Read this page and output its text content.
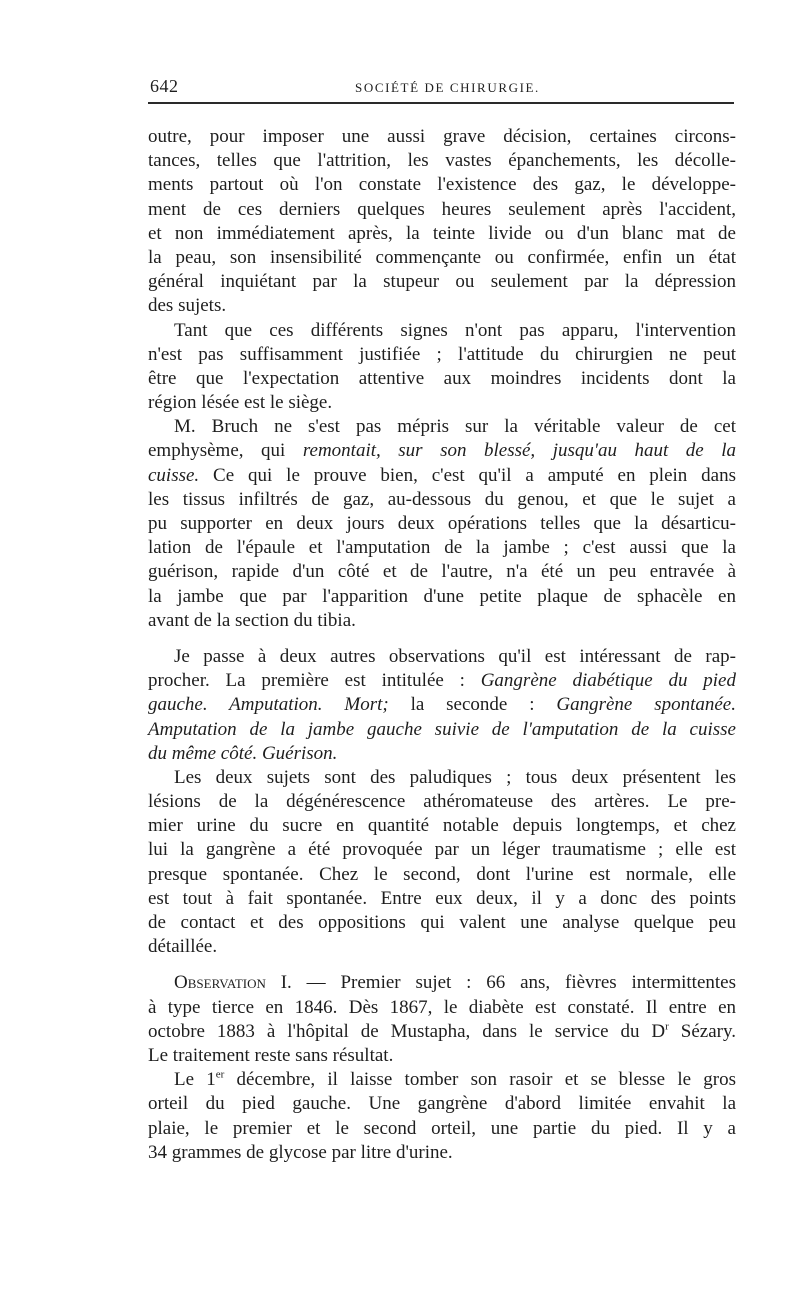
642	SOCIÉTÉ DE CHIRURGIE.
outre, pour imposer une aussi grave décision, certaines circons-
tances, telles que l'attrition, les vastes épanchements, les décolle-
ments partout où l'on constate l'existence des gaz, le développe-
ment de ces derniers quelques heures seulement après l'accident,
et non immédiatement après, la teinte livide ou d'un blanc mat de
la peau, son insensibilité commençante ou confirmée, enfin un état
général inquiétant par la stupeur ou seulement par la dépression
des sujets.
Tant que ces différents signes n'ont pas apparu, l'intervention
n'est pas suffisamment justifiée ; l'attitude du chirurgien ne peut
être que l'expectation attentive aux moindres incidents dont la
région lésée est le siège.
M. Bruch ne s'est pas mépris sur la véritable valeur de cet
emphysème, qui remontait, sur son blessé, jusqu'au haut de la
cuisse. Ce qui le prouve bien, c'est qu'il a amputé en plein dans
les tissus infiltrés de gaz, au-dessous du genou, et que le sujet a
pu supporter en deux jours deux opérations telles que la désarticu-
lation de l'épaule et l'amputation de la jambe ; c'est aussi que la
guérison, rapide d'un côté et de l'autre, n'a été un peu entravée à
la jambe que par l'apparition d'une petite plaque de sphacèle en
avant de la section du tibia.
Je passe à deux autres observations qu'il est intéressant de rap-
procher. La première est intitulée : Gangrène diabétique du pied
gauche. Amputation. Mort; la seconde : Gangrène spontanée.
Amputation de la jambe gauche suivie de l'amputation de la cuisse
du même côté. Guérison.
Les deux sujets sont des paludiques ; tous deux présentent les
lésions de la dégénérescence athéromateuse des artères. Le pre-
mier urine du sucre en quantité notable depuis longtemps, et chez
lui la gangrène a été provoquée par un léger traumatisme ; elle est
presque spontanée. Chez le second, dont l'urine est normale, elle
est tout à fait spontanée. Entre eux deux, il y a donc des points
de contact et des oppositions qui valent une analyse quelque peu
détaillée.
Observation I. — Premier sujet : 66 ans, fièvres intermittentes
à type tierce en 1846. Dès 1867, le diabète est constaté. Il entre en
octobre 1883 à l'hôpital de Mustapha, dans le service du $D^r$ Sézary.
Le traitement reste sans résultat.
Le 1er décembre, il laisse tomber son rasoir et se blesse le gros
orteil du pied gauche. Une gangrène d'abord limitée envahit la
plaie, le premier et le second orteil, une partie du pied. Il y a
34 grammes de glycose par litre d'urine.
